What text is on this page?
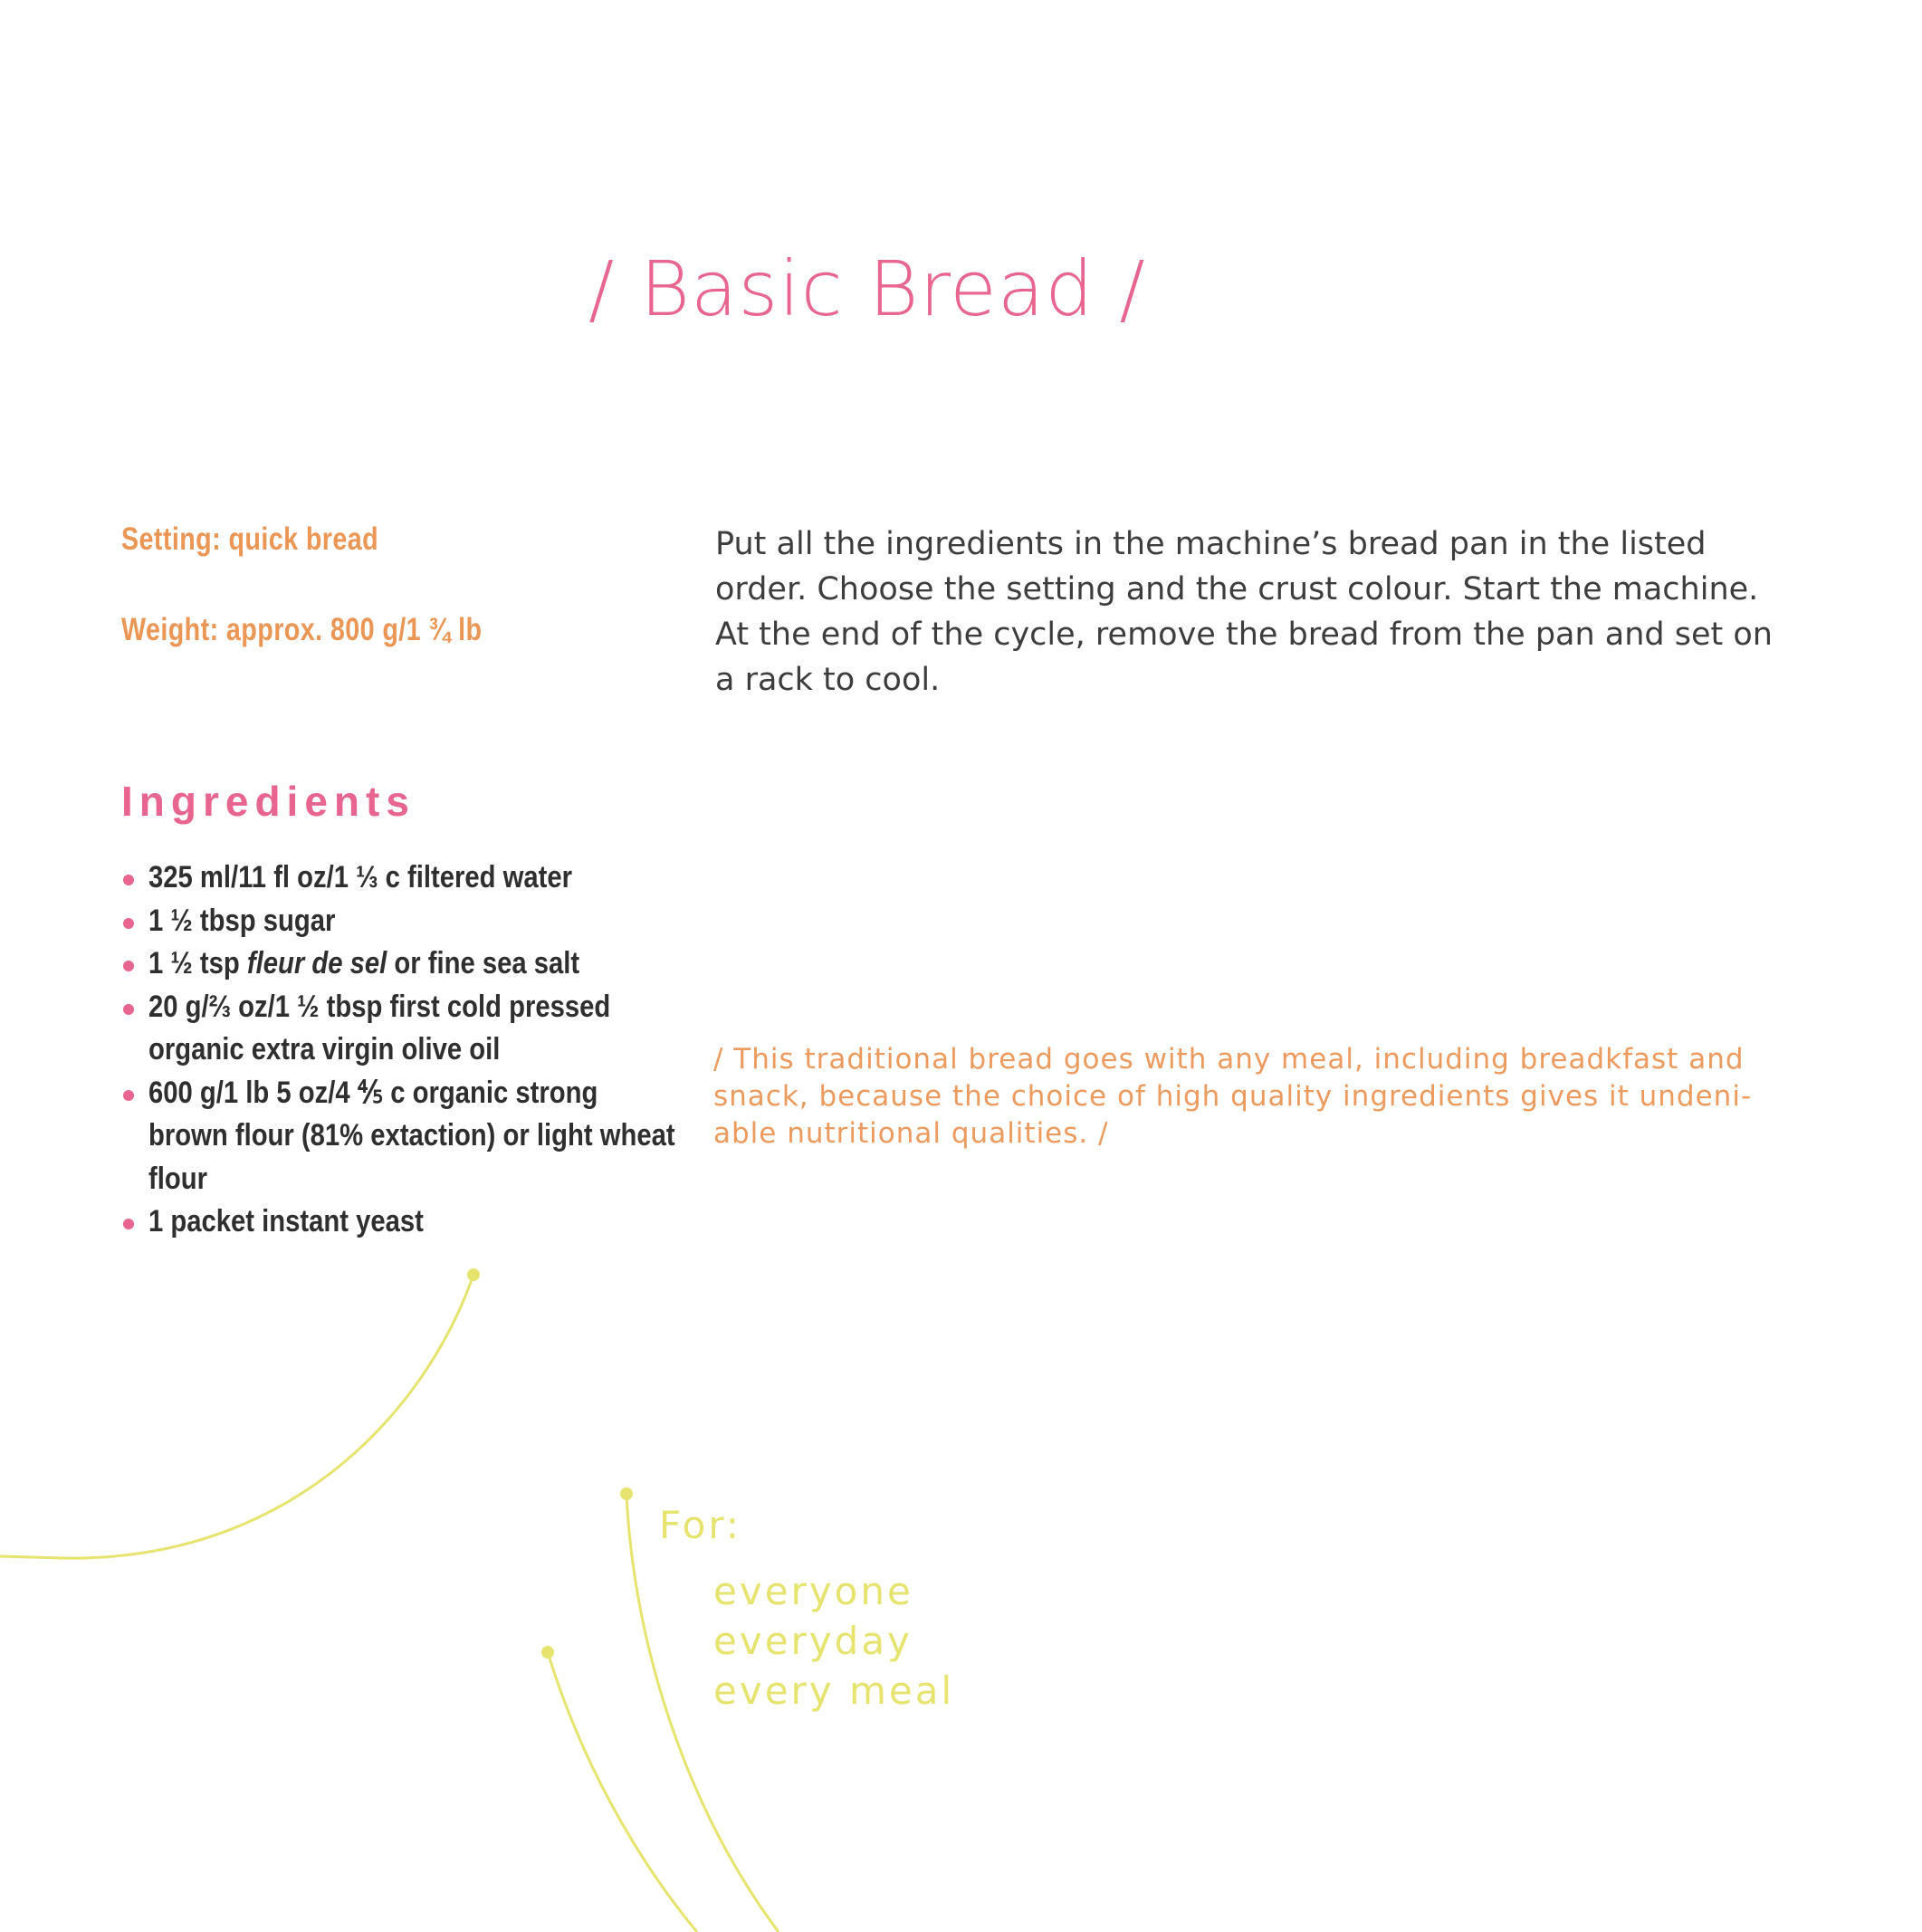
/ Basic Bread /

Setting: quick bread

Weight: approx. 800 g/1 ¾ lb

Put all the ingredients in the machine’s bread pan in the listed order. Choose the setting and the crust colour. Start the machine. At the end of the cycle, remove the bread from the pan and set on a rack to cool.

Ingredients
325 ml/11 fl oz/1 ⅓ c filtered water
1 ½ tbsp sugar
1 ½ tsp fleur de sel or fine sea salt
20 g/⅔ oz/1 ½ tbsp first cold pressed organic extra virgin olive oil
600 g/1 lb 5 oz/4 ⅘ c organic strong brown flour (81% extaction) or light wheat flour
1 packet instant yeast

/ This traditional bread goes with any meal, including breadkfast and snack, because the choice of high quality ingredients gives it undeni-able nutritional qualities. /

For:

everyone
everyday
every meal
